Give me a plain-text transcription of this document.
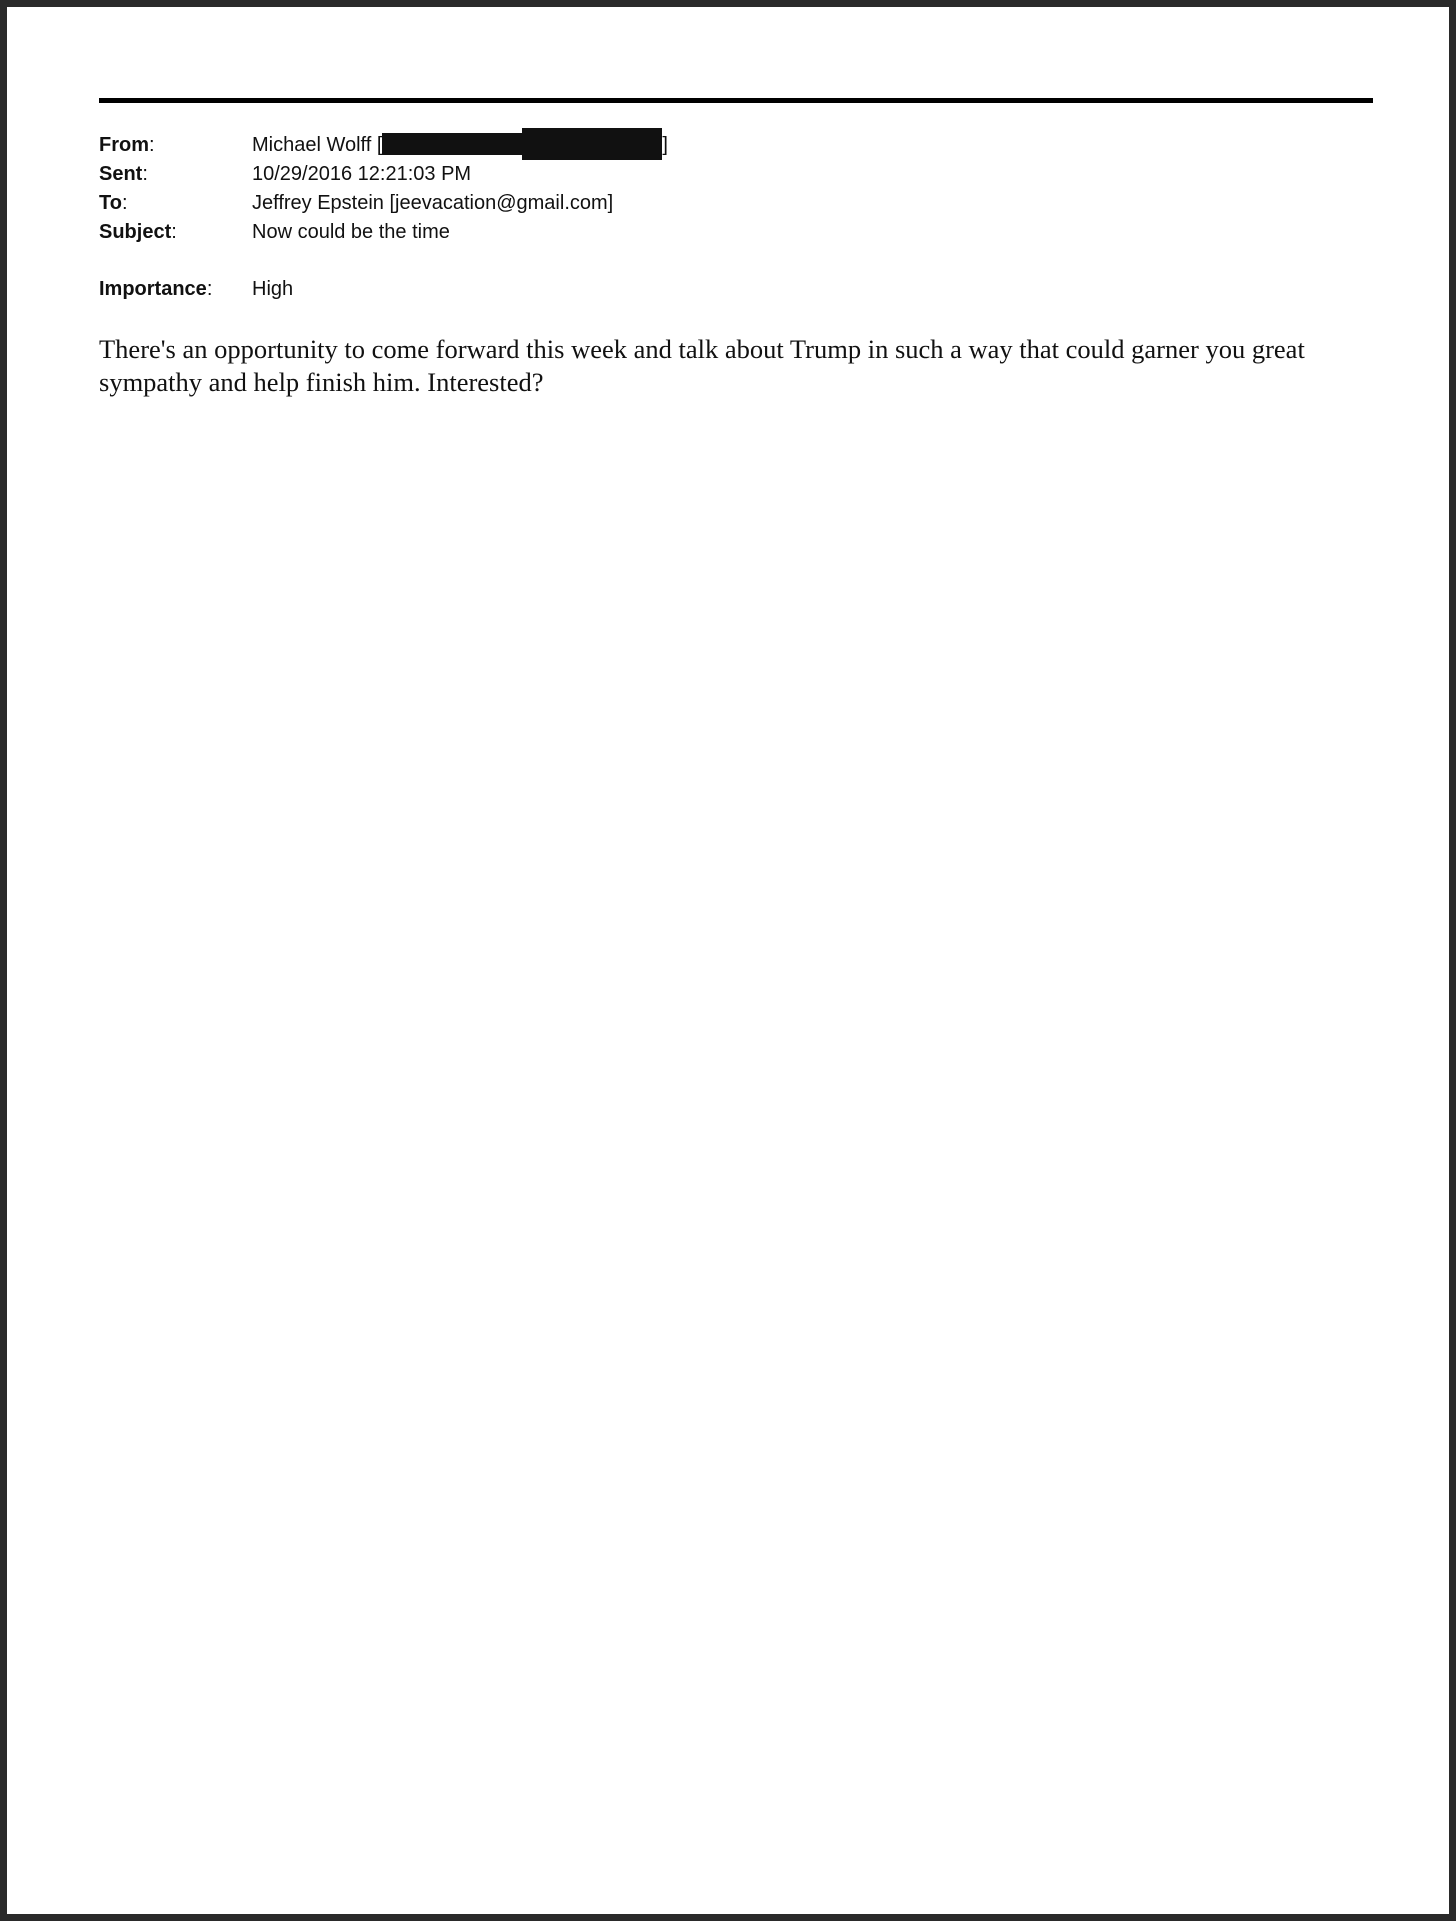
From:	Michael Wolff [	]
Sent:	10/29/2016 12:21:03 PM
To:	Jeffrey Epstein [jeevacation@gmail.com]
Subject:	Now could be the time
Importance: High
There's an opportunity to come forward this week and talk about Trump in such a way that could garner you great sympathy and help finish him. Interested?
